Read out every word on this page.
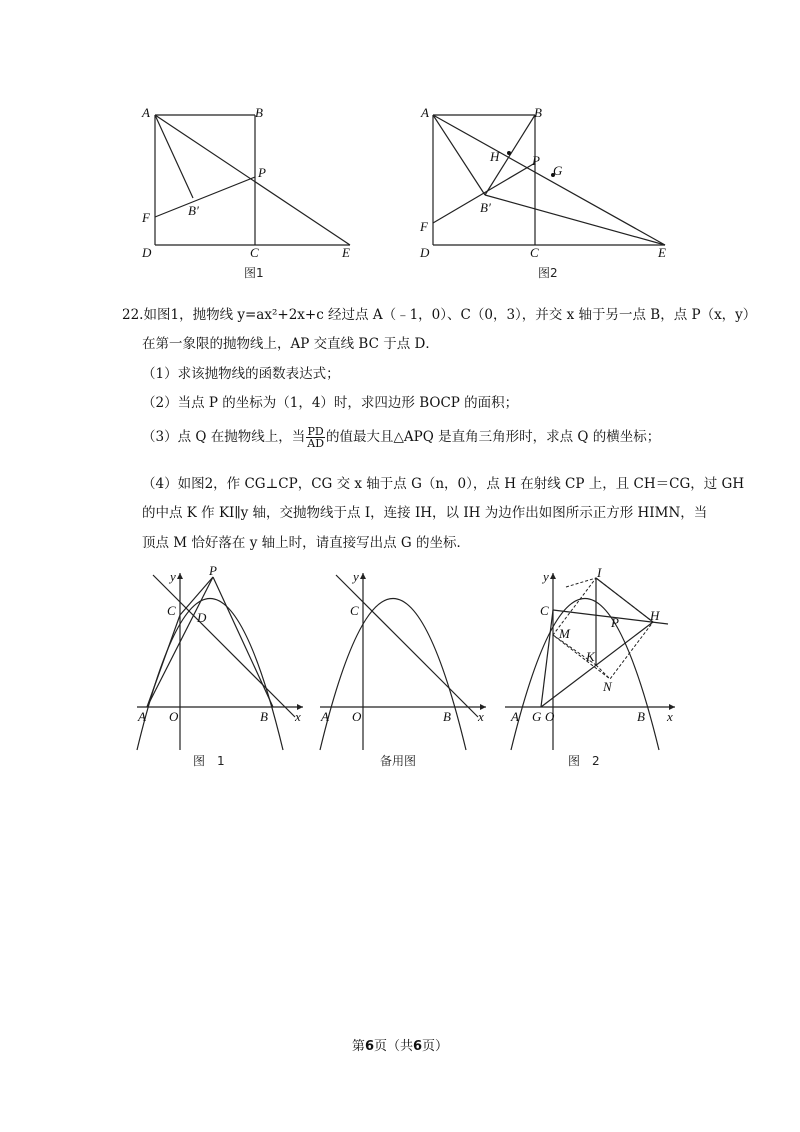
A	B
P
F	B′
D	C	E
图1
A	B
H	P
G
F
B′
D	C	E
图2
22.如图1，抛物线 y=ax²+2x+c 经过点 A（﹣1，0）、C（0，3），并交 x 轴于另一点 B，点 P（x，y）
在第一象限的抛物线上，AP 交直线 BC 于点 D．
（1）求该抛物线的函数表达式；
（2）当点 P 的坐标为（1，4）时，求四边形 BOCP 的面积；
（3）点 Q 在抛物线上，当 $\frac{PD}{AD}$ 的值最大且△APQ 是直角三角形时，求点 Q 的横坐标；
（4）如图2，作 CG⊥CP，CG 交 x 轴于点 G（n，0），点 H 在射线 CP 上，且 CH＝CG，过 GH
的中点 K 作 KI∥y 轴，交抛物线于点 I，连接 IH，以 IH 为边作出如图所示正方形 HIMN，当
顶点 M 恰好落在 y 轴上时，请直接写出点 G 的坐标．
y	P
C D
A O	B x
图　1
y
C
A O	B x
备用图
y	I
C
M
P H
K
N
A G O	B x
图　2
第6页（共6页）
